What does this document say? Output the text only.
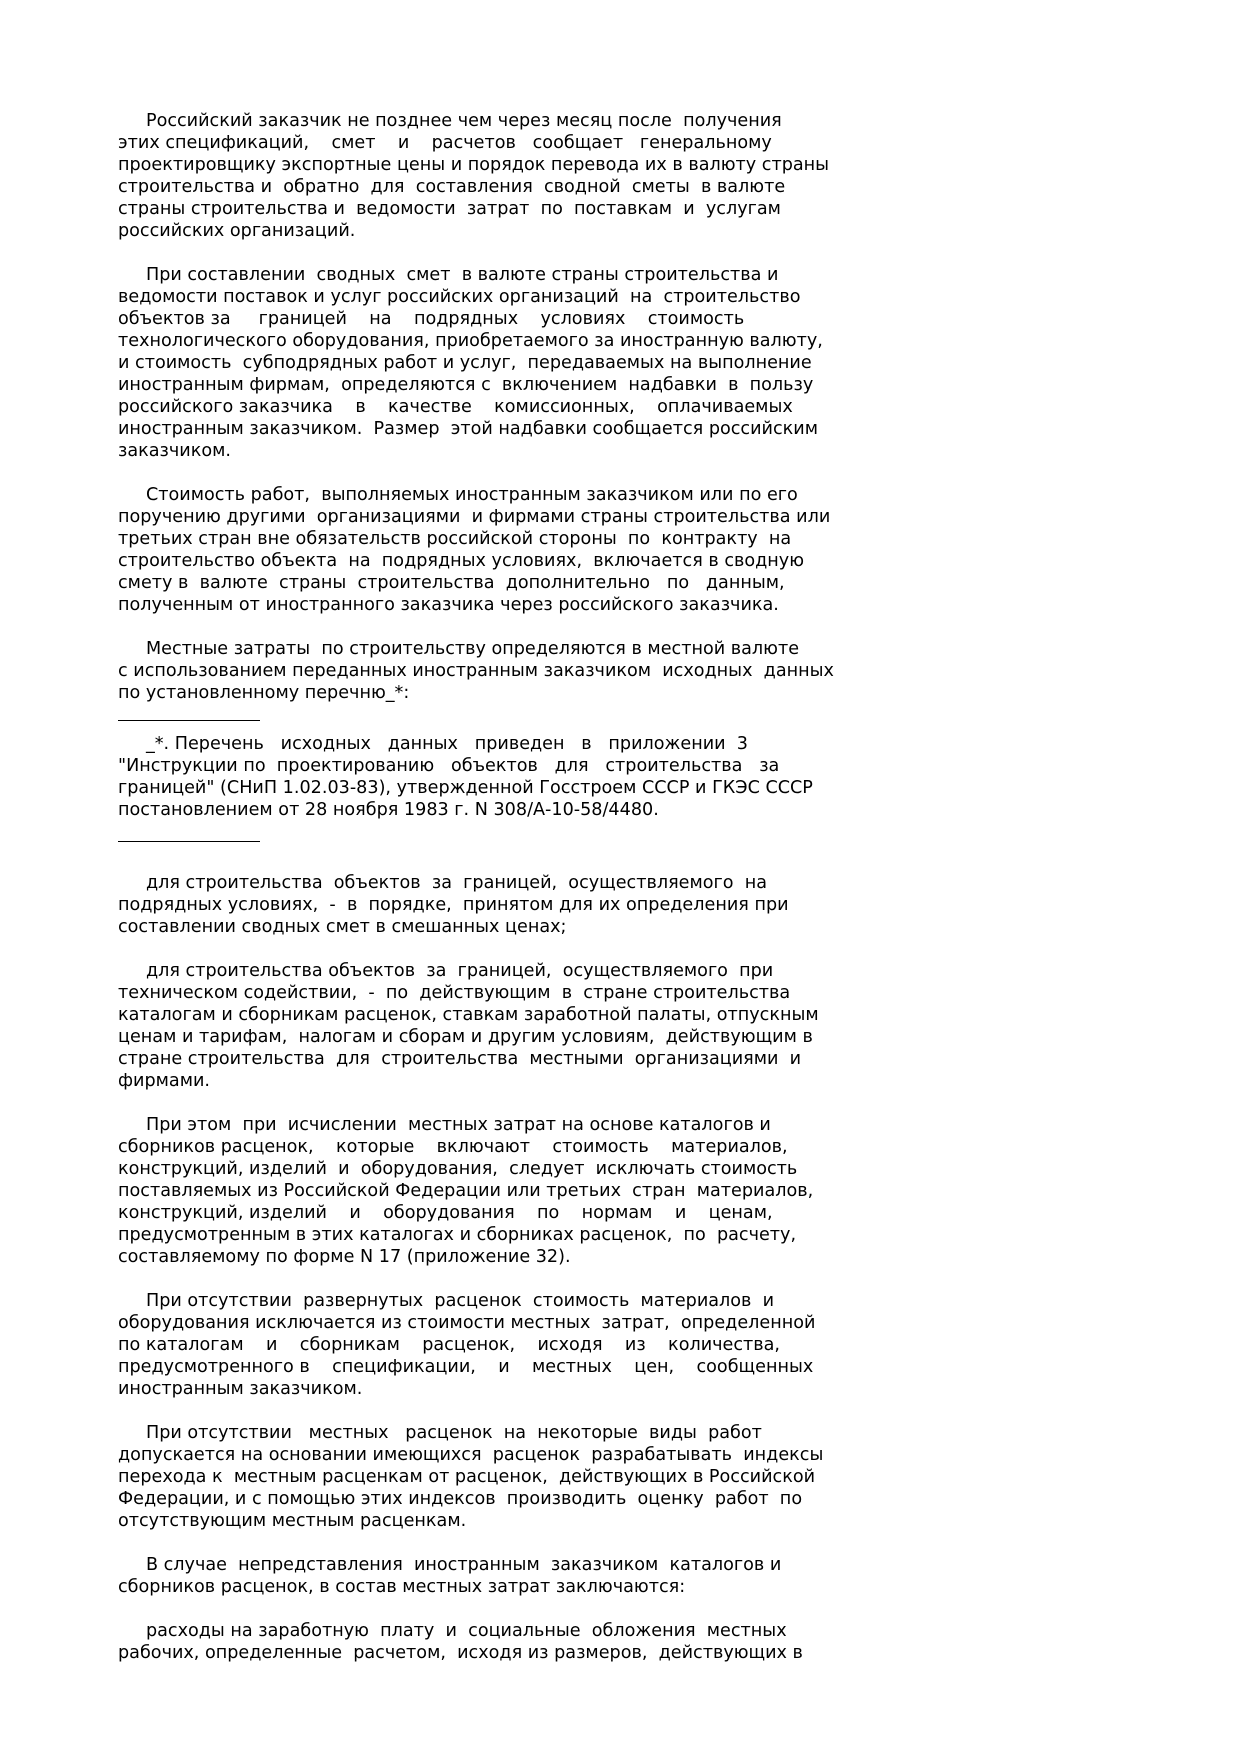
Российский заказчик не позднее чем через месяц после  получения
этих спецификаций,    смет    и    расчетов   сообщает   генеральному
проектировщику экспортные цены и порядок перевода их в валюту страны
строительства и  обратно  для  составления  сводной  сметы  в валюте
страны строительства и  ведомости  затрат  по  поставкам  и  услугам
российских организаций.
При составлении  сводных  смет  в валюте страны строительства и
ведомости поставок и услуг российских организаций  на  строительство
объектов за     границей    на    подрядных    условиях    стоимость
технологического оборудования, приобретаемого за иностранную валюту,
и стоимость  субподрядных работ и услуг,  передаваемых на выполнение
иностранным фирмам,  определяются с  включением  надбавки  в  пользу
российского заказчика    в    качестве    комиссионных,    оплачиваемых
иностранным заказчиком.  Размер  этой надбавки сообщается российским
заказчиком.
Стоимость работ,  выполняемых иностранным заказчиком или по его
поручению другими  организациями  и фирмами страны строительства или
третьих стран вне обязательств российской стороны  по  контракту  на
строительство объекта  на  подрядных условиях,  включается в сводную
смету в  валюте  страны  строительства  дополнительно   по   данным,
полученным от иностранного заказчика через российского заказчика.
Местные затраты  по строительству определяются в местной валюте
с использованием переданных иностранным заказчиком  исходных  данных
по установленному перечню_*:
_*. Перечень   исходных   данных   приведен   в   приложении  3
"Инструкции по  проектированию   объектов   для   строительства   за
границей" (СНиП 1.02.03-83), утвержденной Госстроем СССР и ГКЭС СССР
постановлением от 28 ноября 1983 г. N 308/А-10-58/4480.
для строительства  объектов  за  границей,  осуществляемого  на
подрядных условиях,  -  в  порядке,  принятом для их определения при
составлении сводных смет в смешанных ценах;
для строительства объектов  за  границей,  осуществляемого  при
техническом содействии,  -  по  действующим  в  стране строительства
каталогам и сборникам расценок, ставкам заработной палаты, отпускным
ценам и тарифам,  налогам и сборам и другим условиям,  действующим в
стране строительства  для  строительства  местными  организациями  и
фирмами.
При этом  при  исчислении  местных затрат на основе каталогов и
сборников расценок,    которые    включают    стоимость    материалов,
конструкций, изделий  и  оборудования,  следует  исключать стоимость
поставляемых из Российской Федерации или третьих  стран  материалов,
конструкций, изделий    и    оборудования    по    нормам    и    ценам,
предусмотренным в этих каталогах и сборниках расценок,  по  расчету,
составляемому по форме N 17 (приложение 32).
При отсутствии  развернутых  расценок  стоимость  материалов  и
оборудования исключается из стоимости местных  затрат,  определенной
по каталогам    и    сборникам    расценок,    исходя    из    количества,
предусмотренного в    спецификации,    и    местных    цен,    сообщенных
иностранным заказчиком.
При отсутствии   местных   расценок  на  некоторые  виды  работ
допускается на основании имеющихся  расценок  разрабатывать  индексы
перехода к  местным расценкам от расценок,  действующих в Российской
Федерации, и с помощью этих индексов  производить  оценку  работ  по
отсутствующим местным расценкам.
В случае  непредставления  иностранным  заказчиком  каталогов и
сборников расценок, в состав местных затрат заключаются:
расходы на заработную  плату  и  социальные  обложения  местных
рабочих, определенные  расчетом,  исходя из размеров,  действующих в
